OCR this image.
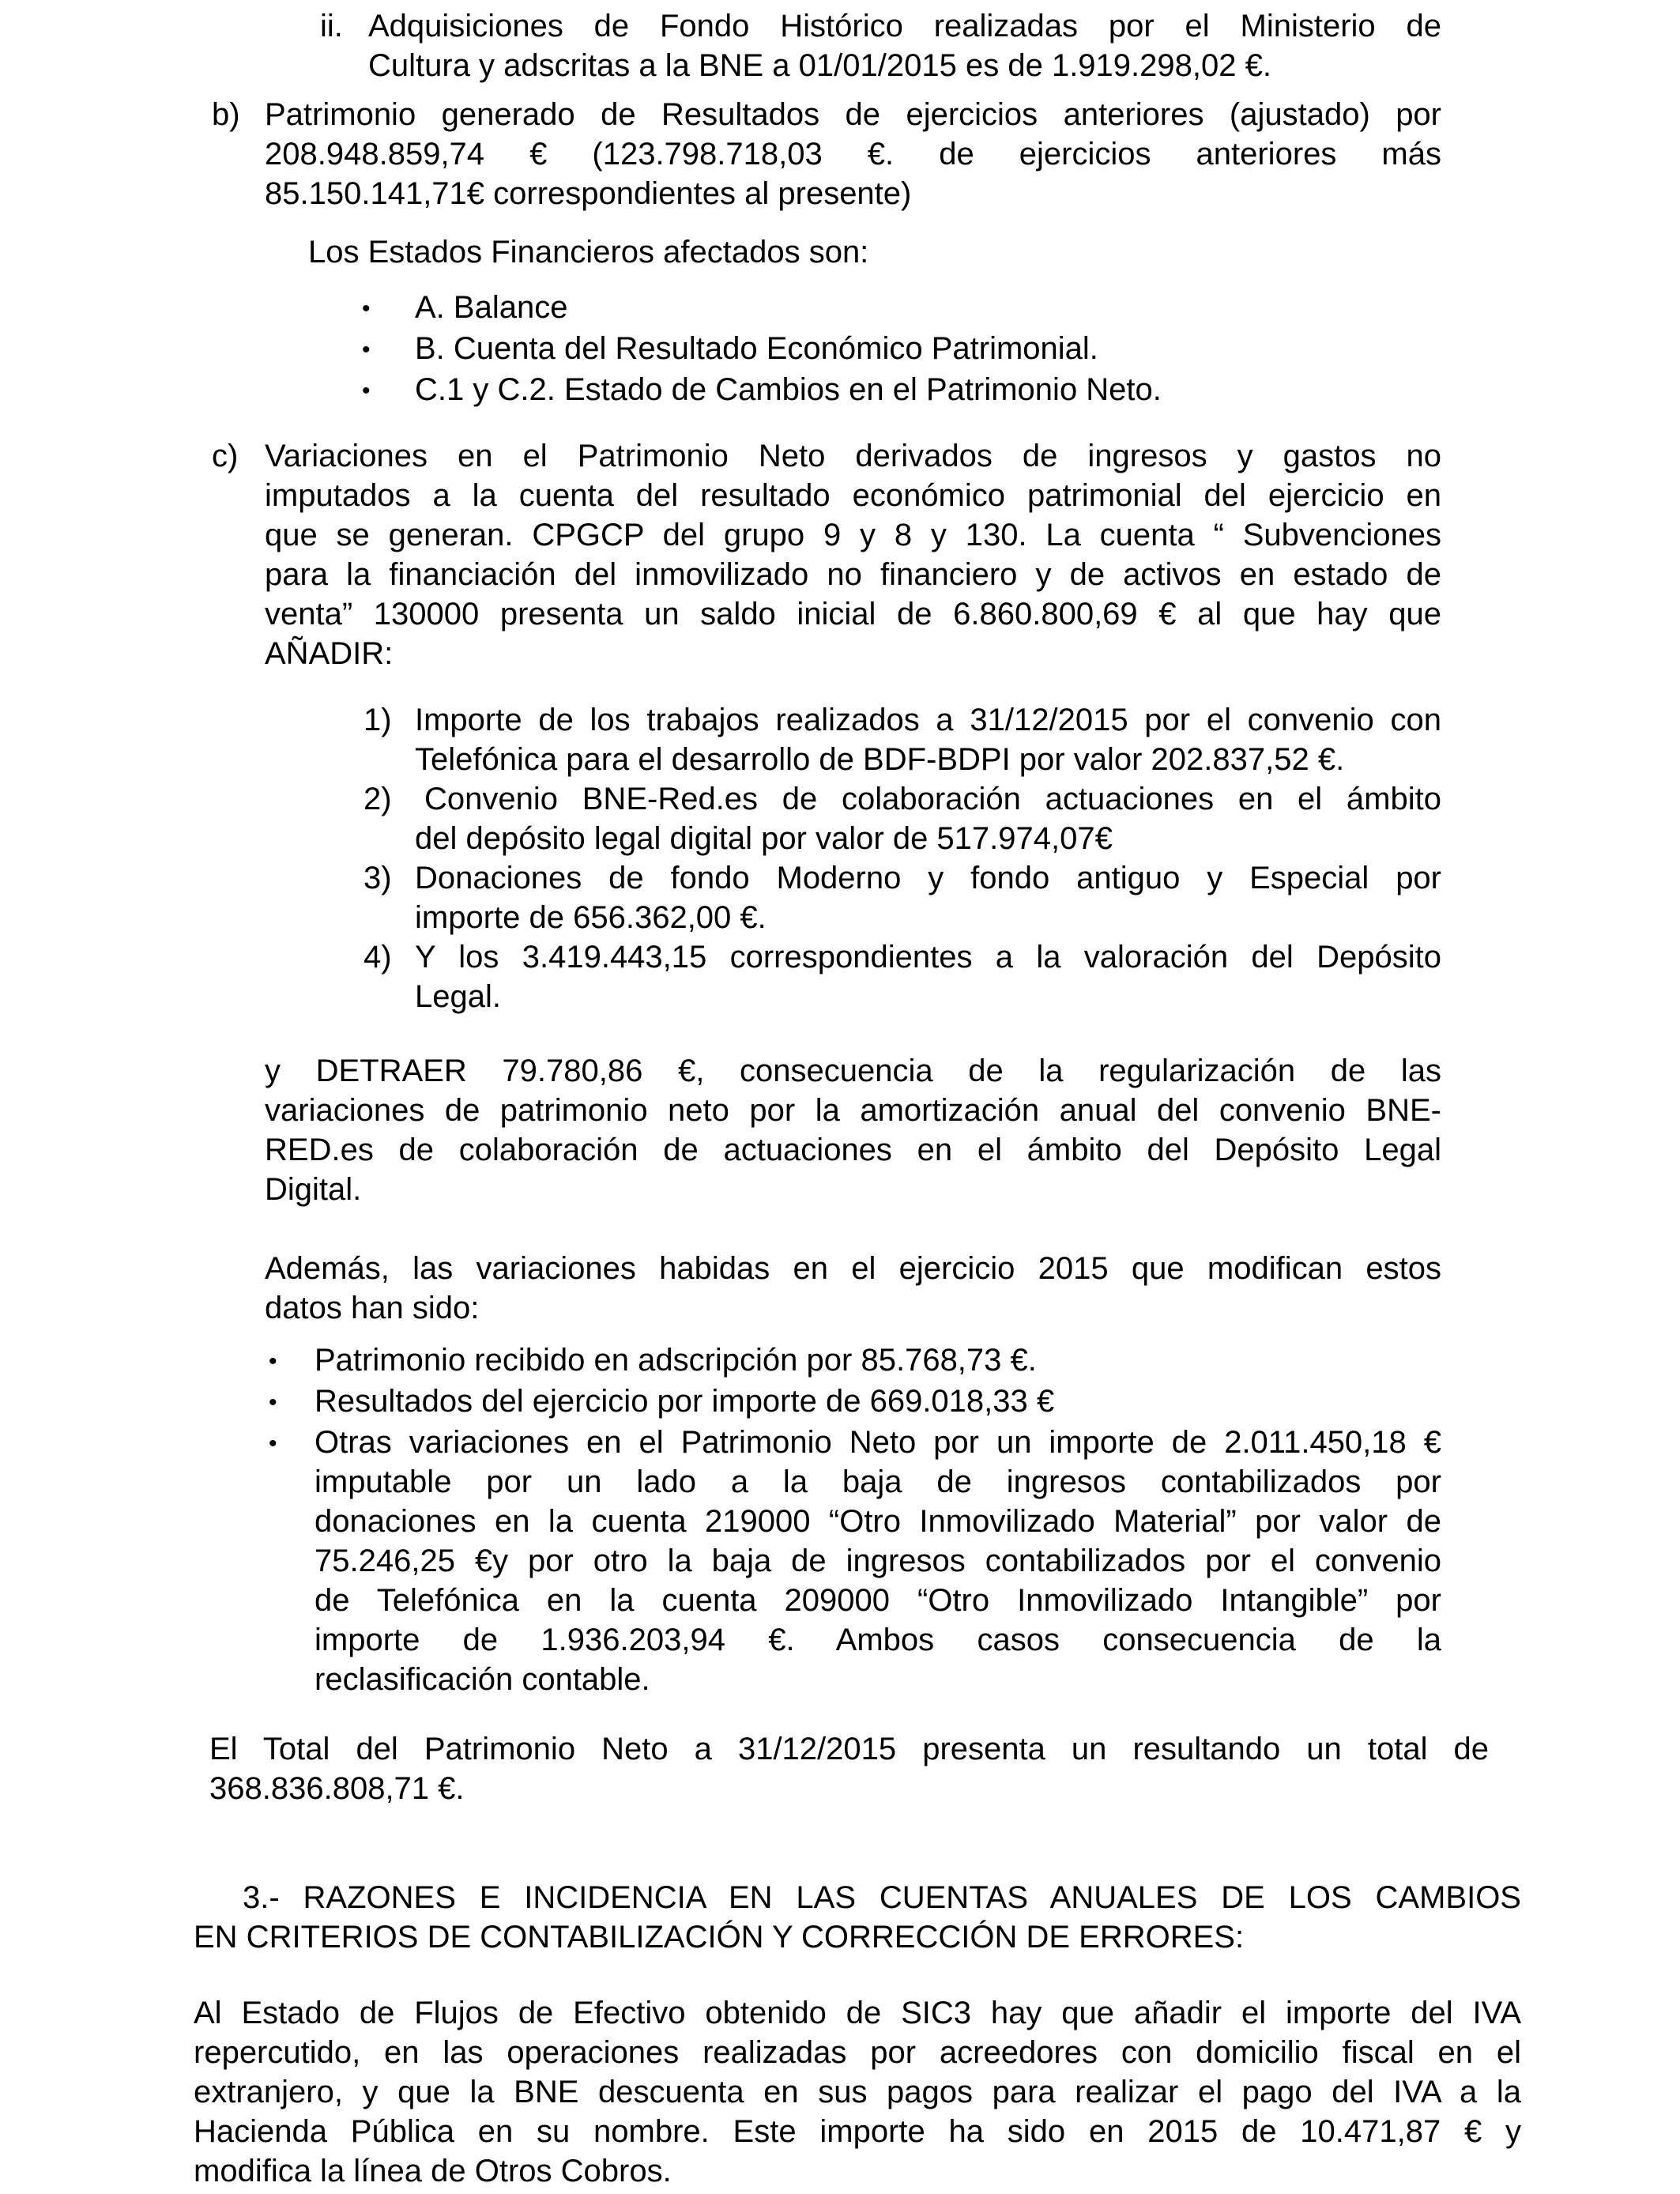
ii. Adquisiciones de Fondo Histórico realizadas por el Ministerio de

Cultura y adscritas a la BNE a 01/01/2015 es de 1.919.298,02 €.

b) Patrimonio generado de Resultados de ejercicios anteriores (ajustado) por

208.948.859,74 € (123.798.718,03 €. de ejercicios anteriores más

85.150.141,71€ correspondientes al presente)

Los Estados Financieros afectados son:

• A. Balance

• B. Cuenta del Resultado Económico Patrimonial.

• C.1 y C.2. Estado de Cambios en el Patrimonio Neto.

c) Variaciones en el Patrimonio Neto derivados de ingresos y gastos no

imputados a la cuenta del resultado económico patrimonial del ejercicio en

que se generan. CPGCP del grupo 9 y 8 y 130. La cuenta “ Subvenciones

para la financiación del inmovilizado no financiero y de activos en estado de

venta” 130000 presenta un saldo inicial de 6.860.800,69 € al que hay que

AÑADIR:

1) Importe de los trabajos realizados a 31/12/2015 por el convenio con

Telefónica para el desarrollo de BDF-BDPI por valor 202.837,52 €.

2)	Convenio BNE-Red.es de colaboración actuaciones en el ámbito

del depósito legal digital por valor de 517.974,07€

3) Donaciones de fondo Moderno y fondo antiguo y Especial por

importe de 656.362,00 €.

4) Y los 3.419.443,15 correspondientes a la valoración del Depósito

Legal.

y DETRAER 79.780,86 €, consecuencia de la regularización de las

variaciones de patrimonio neto por la amortización anual del convenio BNE-

RED.es de colaboración de actuaciones en el ámbito del Depósito Legal

Digital.

Además, las variaciones habidas en el ejercicio 2015 que modifican estos

datos han sido:

• Patrimonio recibido en adscripción por 85.768,73 €.

• Resultados del ejercicio por importe de 669.018,33 €

• Otras variaciones en el Patrimonio Neto por un importe de 2.011.450,18 €

imputable por un lado a la baja de ingresos contabilizados por

donaciones en la cuenta 219000 “Otro Inmovilizado Material” por valor de

75.246,25 €y por otro la baja de ingresos contabilizados por el convenio

de Telefónica en la cuenta 209000 “Otro Inmovilizado Intangible” por

importe de 1.936.203,94 €. Ambos casos consecuencia de la

reclasificación contable.

El Total del Patrimonio Neto a 31/12/2015 presenta un resultando un total de

368.836.808,71 €.

3.- RAZONES E INCIDENCIA EN LAS CUENTAS ANUALES DE LOS CAMBIOS

EN CRITERIOS DE CONTABILIZACIÓN Y CORRECCIÓN DE ERRORES:

Al Estado de Flujos de Efectivo obtenido de SIC3 hay que añadir el importe del IVA

repercutido, en las operaciones realizadas por acreedores con domicilio fiscal en el

extranjero, y que la BNE descuenta en sus pagos para realizar el pago del IVA a la

Hacienda Pública en su nombre. Este importe ha sido en 2015 de 10.471,87 € y

modifica la línea de Otros Cobros.
